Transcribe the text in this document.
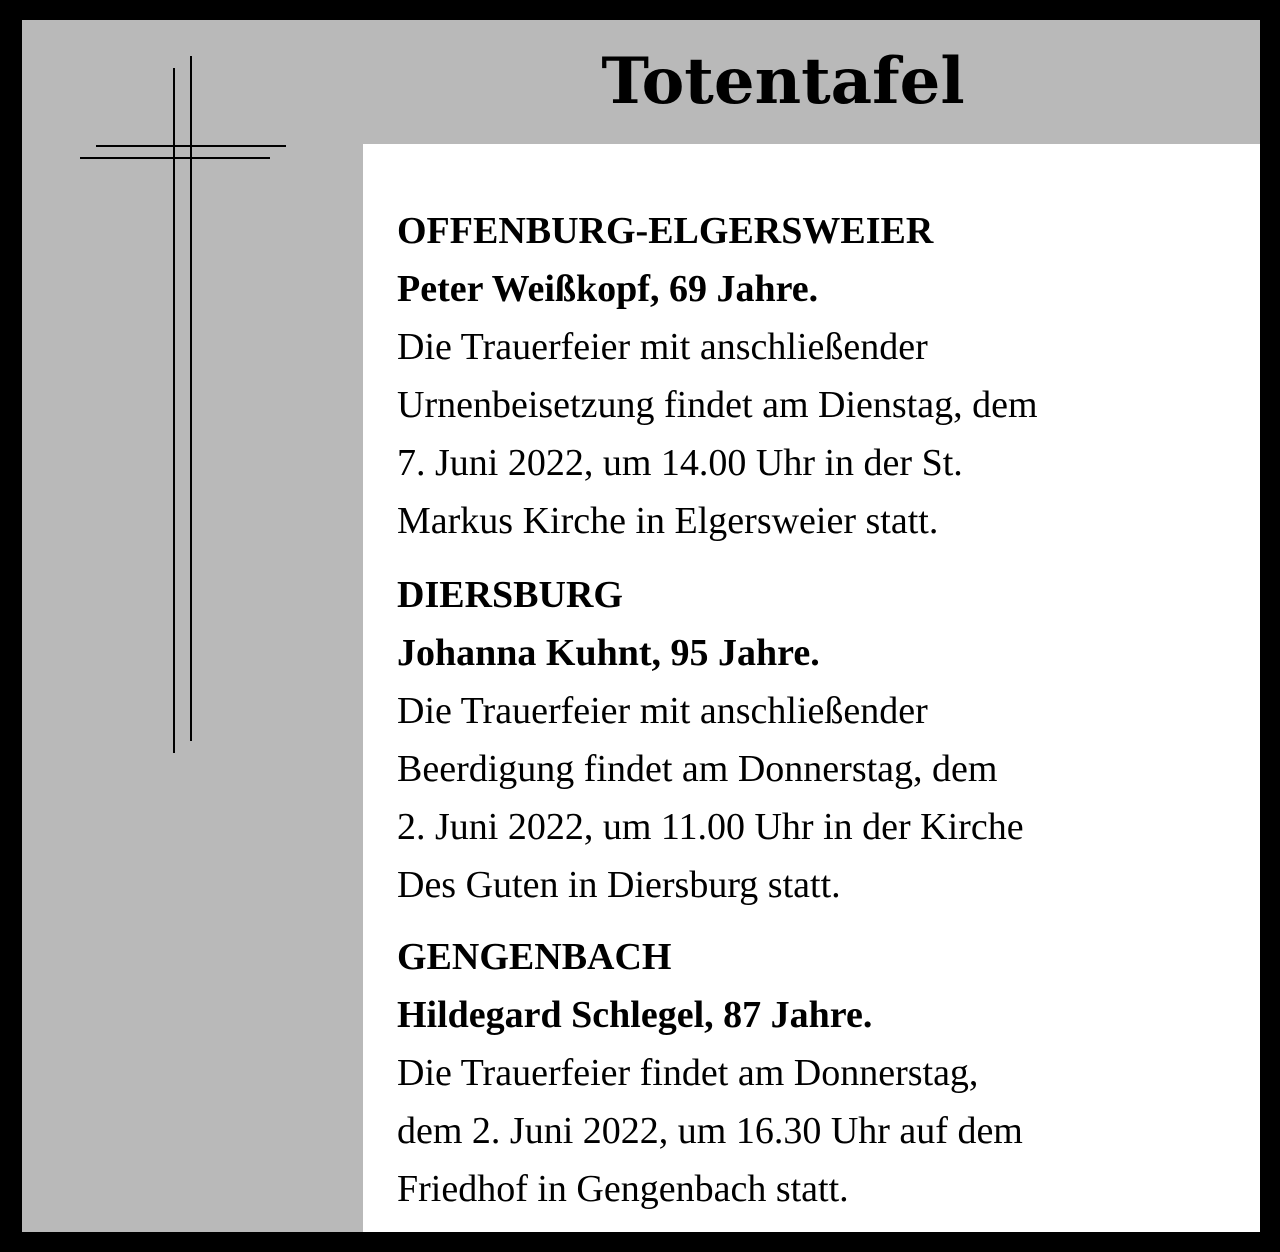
Totentafel
OFFENBURG-ELGERSWEIER
Peter Weißkopf, 69 Jahre.
Die Trauerfeier mit anschließender
Urnenbeisetzung findet am Dienstag, dem
7. Juni 2022, um 14.00 Uhr in der St.
Markus Kirche in Elgersweier statt.
DIERSBURG
Johanna Kuhnt, 95 Jahre.
Die Trauerfeier mit anschließender
Beerdigung findet am Donnerstag, dem
2. Juni 2022, um 11.00 Uhr in der Kirche
Des Guten in Diersburg statt.
GENGENBACH
Hildegard Schlegel, 87 Jahre.
Die Trauerfeier findet am Donnerstag,
dem 2. Juni 2022, um 16.30 Uhr auf dem
Friedhof in Gengenbach statt.
